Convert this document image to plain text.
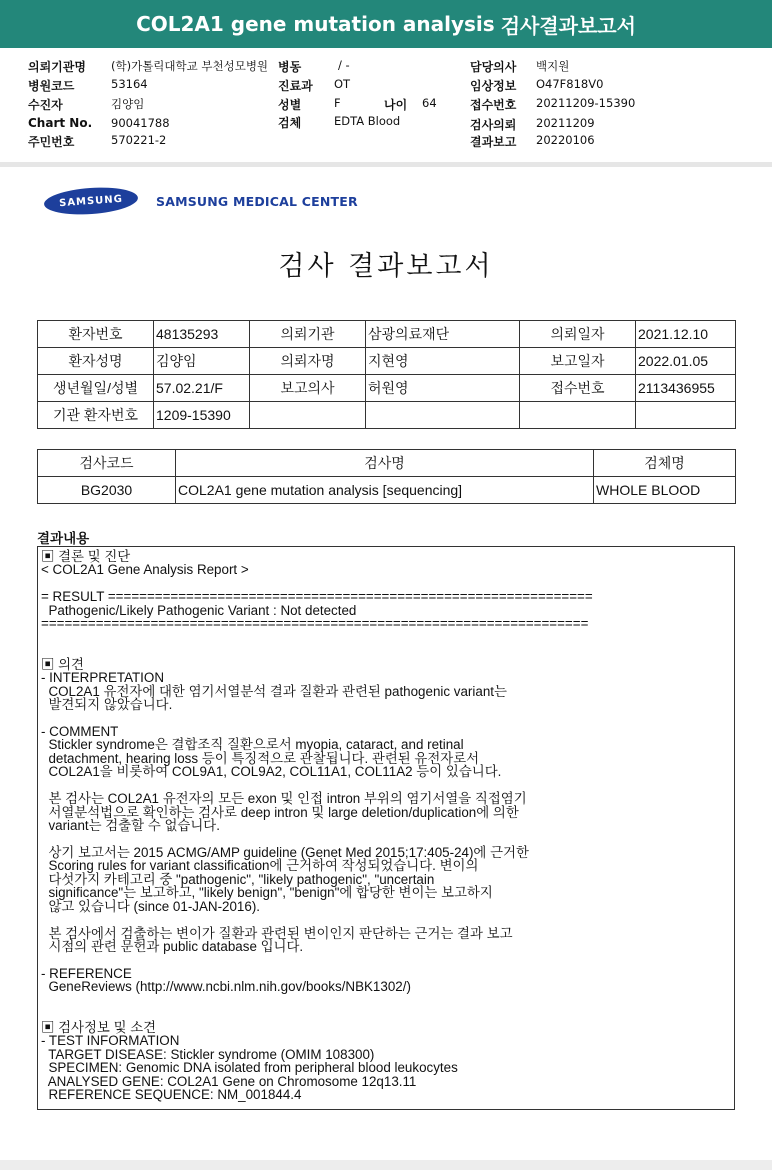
COL2A1 gene mutation analysis 검사결과보고서
의뢰기관명 (학)가톨릭대학교 부천성모병원 병동	/ -	담당의사 백지원
병원코드	53164	진료과 OT	임상정보 O47F818V0
수진자	김양임	성별	F	나이 64	접수번호 20211209-15390
Chart No. 90041788	검체	EDTA Blood	검사의뢰 20211209
주민번호	570221-2	결과보고 20220106
SAMSUNG	SAMSUNG MEDICAL CENTER
검사 결과보고서
환자번호	48135293	의뢰기관	삼광의료재단	의뢰일자	2021.12.10
환자성명	김양임	의뢰자명	지현영	보고일자	2022.01.05
생년월일/성별	57.02.21/F	보고의사	허원영	접수번호	2113436955
기관 환자번호	1209-15390				
검사코드	검사명	검체명
BG2030	COL2A1 gene mutation analysis [sequencing]	WHOLE BLOOD
결과내용
▣ 결론 및 진단
< COL2A1 Gene Analysis Report >
= RESULT ==============================================================
Pathogenic/Likely Pathogenic Variant : Not detected
======================================================================
▣ 의견
- INTERPRETATION
COL2A1 유전자에 대한 염기서열분석 결과 질환과 관련된 pathogenic variant는
발견되지 않았습니다.
- COMMENT
Stickler syndrome은 결합조직 질환으로서 myopia, cataract, and retinal
detachment, hearing loss 등이 특징적으로 관찰됩니다. 관련된 유전자로서
COL2A1을 비롯하여 COL9A1, COL9A2, COL11A1, COL11A2 등이 있습니다.
본 검사는 COL2A1 유전자의 모든 exon 및 인접 intron 부위의 염기서열을 직접염기
서열분석법으로 확인하는 검사로 deep intron 및 large deletion/duplication에 의한
variant는 검출할 수 없습니다.
상기 보고서는 2015 ACMG/AMP guideline (Genet Med 2015;17:405-24)에 근거한
Scoring rules for variant classification에 근거하여 작성되었습니다. 변이의
다섯가지 카테고리 중 "pathogenic", "likely pathogenic", "uncertain
significance"는 보고하고, "likely benign", "benign"에 합당한 변이는 보고하지
않고 있습니다 (since 01-JAN-2016).
본 검사에서 검출하는 변이가 질환과 관련된 변이인지 판단하는 근거는 결과 보고
시점의 관련 문헌과 public database 입니다.
- REFERENCE
GeneReviews (http://www.ncbi.nlm.nih.gov/books/NBK1302/)
▣ 검사정보 및 소견
- TEST INFORMATION
TARGET DISEASE: Stickler syndrome (OMIM 108300)
SPECIMEN: Genomic DNA isolated from peripheral blood leukocytes
ANALYSED GENE: COL2A1 Gene on Chromosome 12q13.11
REFERENCE SEQUENCE: NM_001844.4
